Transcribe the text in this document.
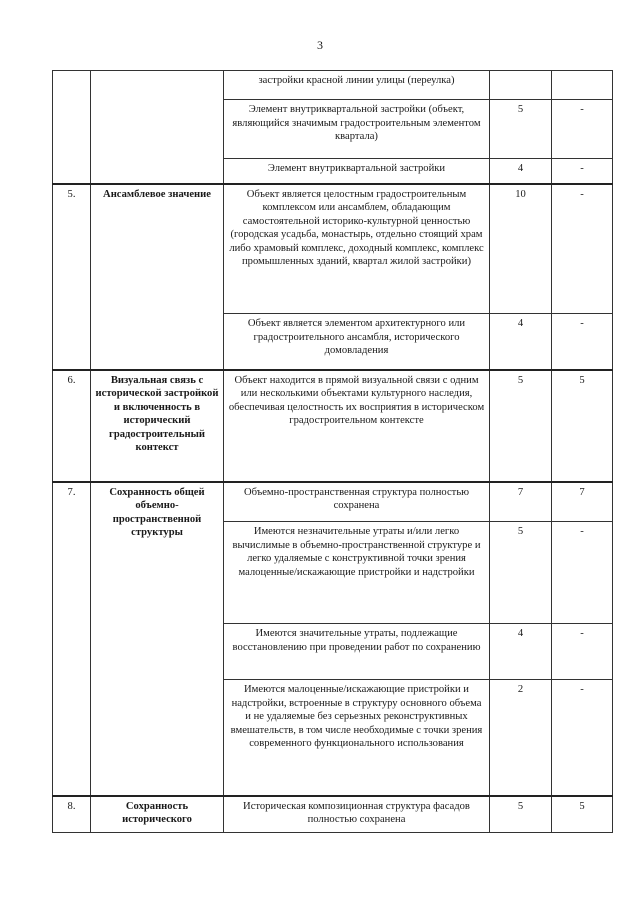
3
		застройки красной линии улицы (переулка)		
		Элемент внутриквартальной застройки (объект, являющийся значимым градостроительным элементом квартала)	5	-
		Элемент внутриквартальной застройки	4	-
5.	Ансамблевое значение	Объект является целостным градостроительным комплексом или ансамблем, обладающим самостоятельной историко-культурной ценностью (городская усадьба, монастырь, отдельно стоящий храм либо храмовый комплекс, доходный комплекс, комплекс промышленных зданий, квартал жилой застройки)	10	-
		Объект является элементом архитектурного или градостроительного ансамбля, исторического домовладения	4	-
6.	Визуальная связь с исторической застройкой и включенность в исторический градостроительный контекст	Объект находится в прямой визуальной связи с одним или несколькими объектами культурного наследия, обеспечивая целостность их восприятия в историческом градостроительном контексте	5	5
7.	Сохранность общей объемно-пространственной структуры	Объемно-пространственная структура полностью сохранена	7	7
		Имеются незначительные утраты и/или легко вычислимые в объемно-пространственной структуре и легко удаляемые с конструктивной точки зрения малоценные/искажающие пристройки и надстройки	5	-
		Имеются значительные утраты, подлежащие восстановлению при проведении работ по сохранению	4	-
		Имеются малоценные/искажающие пристройки и надстройки, встроенные в структуру основного объема и не удаляемые без серьезных реконструктивных вмешательств, в том числе необходимые с точки зрения современного функционального использования	2	-
8.	Сохранность исторического	Историческая композиционная структура фасадов полностью сохранена	5	5
